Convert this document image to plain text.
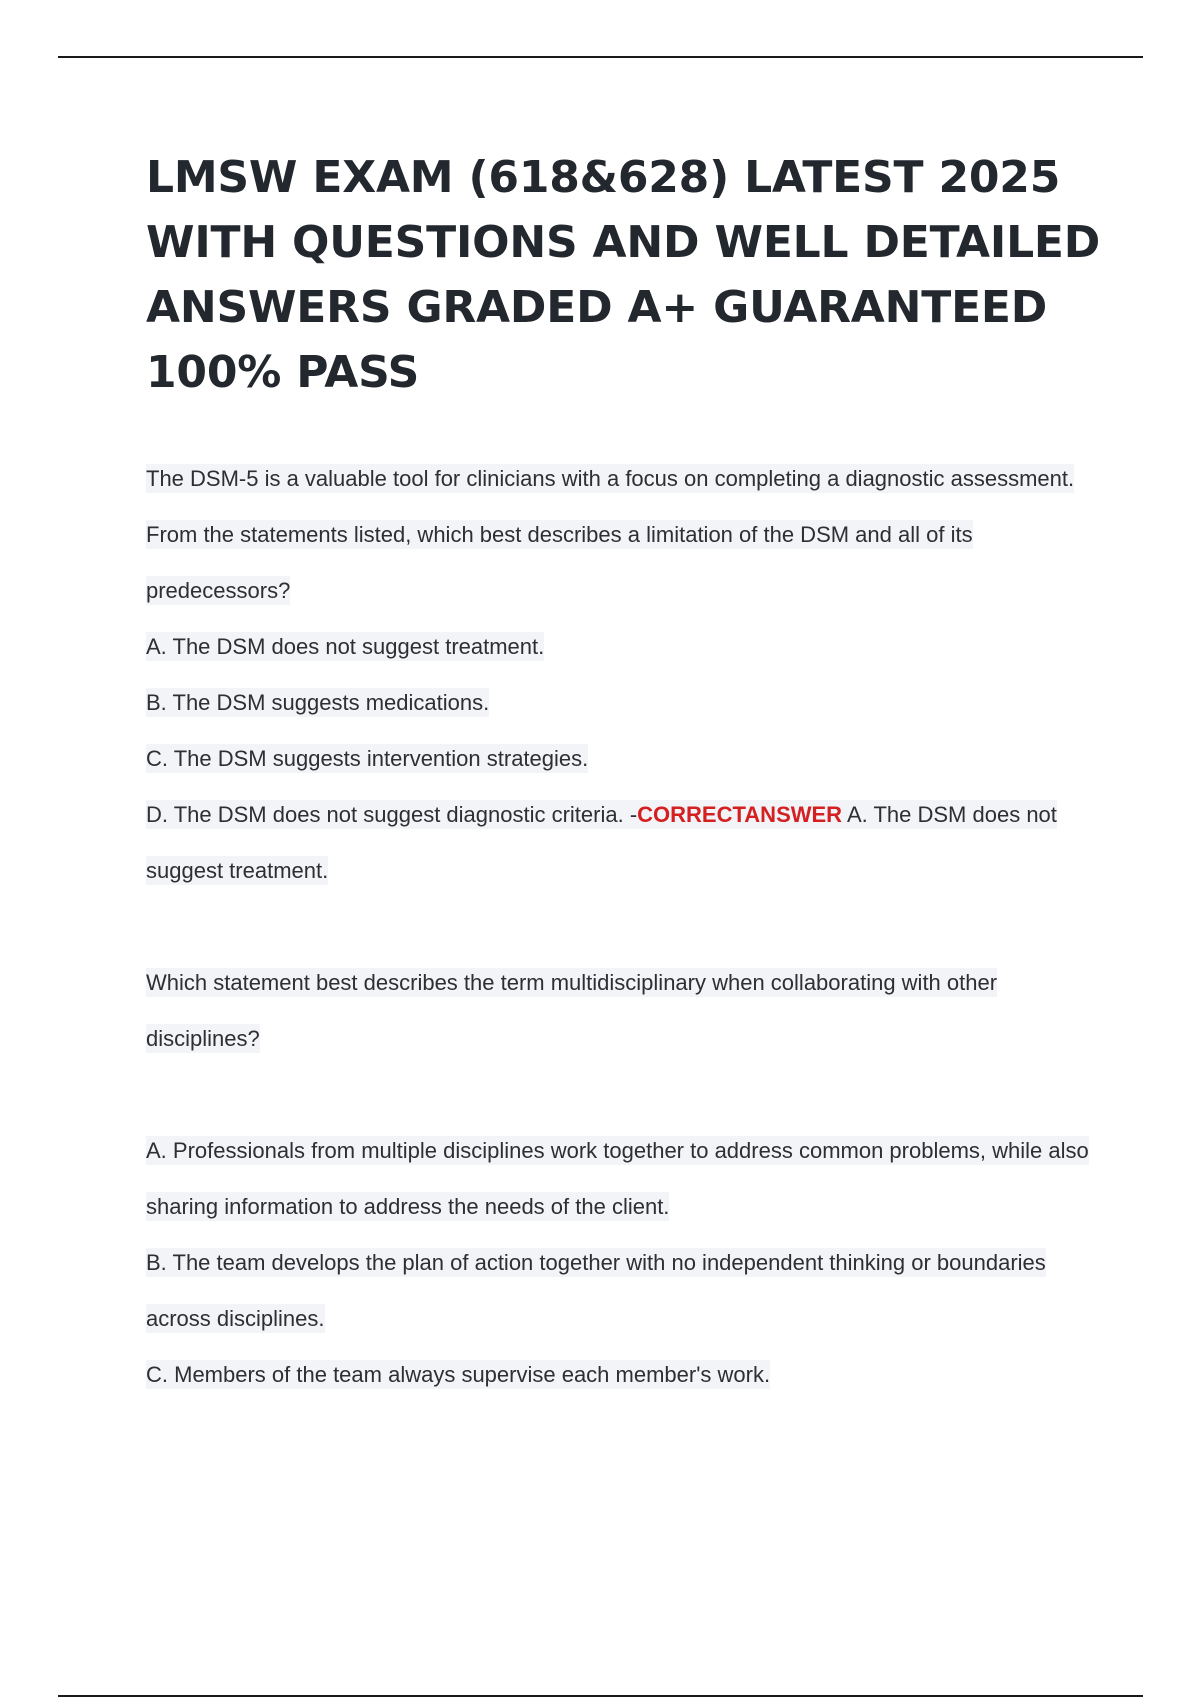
LMSW EXAM (618&628) LATEST 2025 WITH QUESTIONS AND WELL DETAILED ANSWERS GRADED A+ GUARANTEED 100% PASS
The DSM-5 is a valuable tool for clinicians with a focus on completing a diagnostic assessment. From the statements listed, which best describes a limitation of the DSM and all of its predecessors?
A. The DSM does not suggest treatment.
B. The DSM suggests medications.
C. The DSM suggests intervention strategies.
D. The DSM does not suggest diagnostic criteria. -CORRECTANSWER A. The DSM does not suggest treatment.
Which statement best describes the term multidisciplinary when collaborating with other disciplines?
A. Professionals from multiple disciplines work together to address common problems, while also sharing information to address the needs of the client.
B. The team develops the plan of action together with no independent thinking or boundaries across disciplines.
C. Members of the team always supervise each member's work.
